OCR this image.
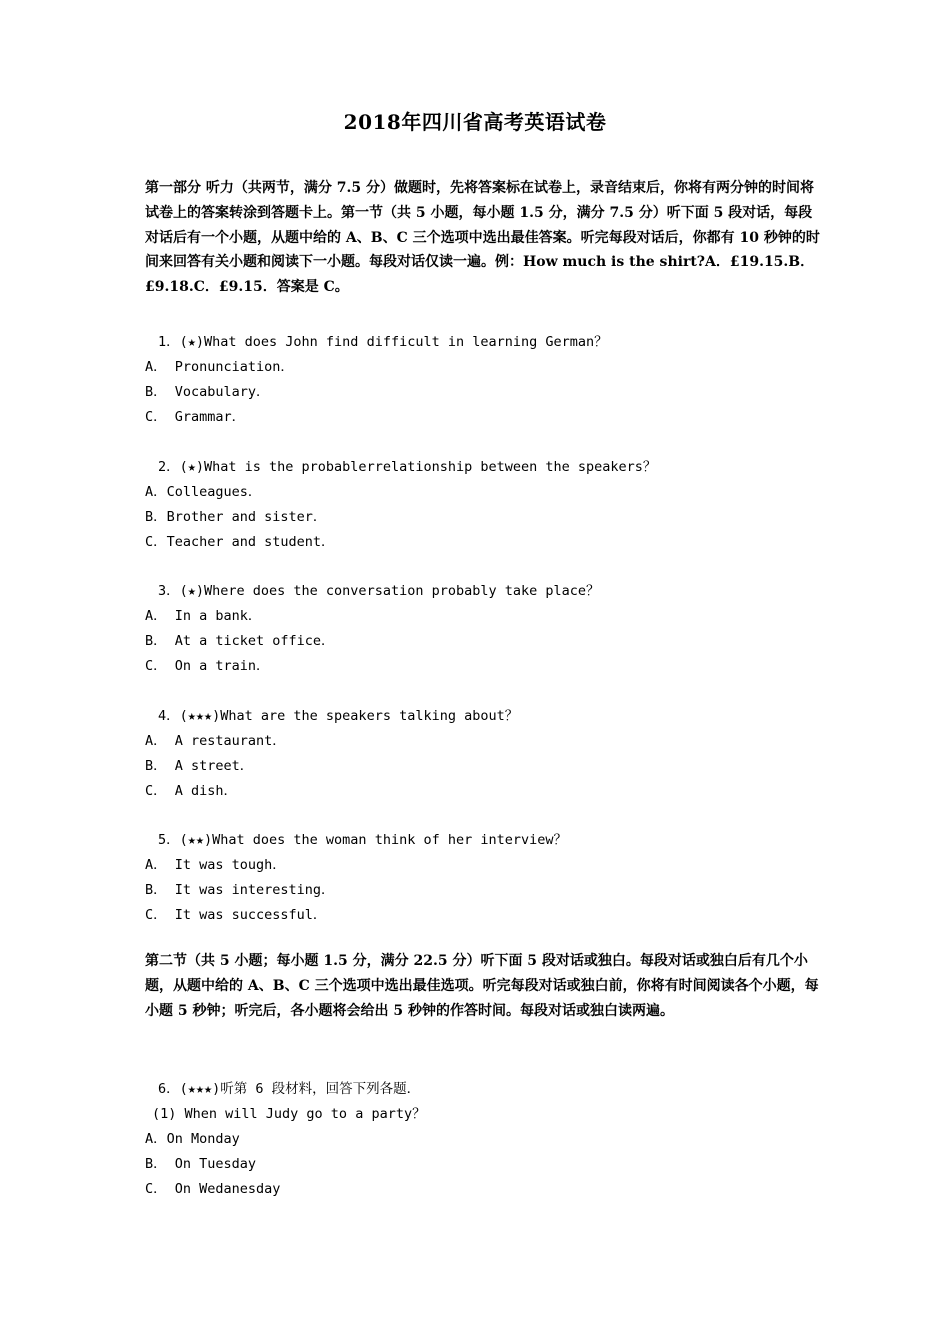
2018年四川省高考英语试卷
第一部分 听力（共两节，满分 7.5 分）做题时，先将答案标在试卷上，录音结束后，你将有两分钟的时间将试卷上的答案转涂到答题卡上。第一节（共 5 小题，每小题 1.5 分，满分 7.5 分）听下面 5 段对话，每段对话后有一个小题，从题中给的 A、B、C 三个选项中选出最佳答案。听完每段对话后，你都有 10 秒钟的时间来回答有关小题和阅读下一小题。每段对话仅读一遍。例：How much is the shirt?A．£19.15.B．£9.18.C．£9.15．答案是 C。
1．(★)What does John find difficult in learning German？
A． Pronunciation．
B． Vocabulary．
C． Grammar．
2．(★)What is the probablerrelationship between the speakers？
A．Colleagues．
B．Brother and sister．
C．Teacher and student．
3．(★)Where does the conversation probably take place？
A． In a bank．
B． At a ticket office．
C． On a train．
4．(★★★)What are the speakers talking about？
A． A restaurant．
B． A street．
C． A dish．
5．(★★)What does the woman think of her interview？
A． It was tough．
B． It was interesting．
C． It was successful．
第二节（共 5 小题；每小题 1.5 分，满分 22.5 分）听下面 5 段对话或独白。每段对话或独白后有几个小题，从题中给的 A、B、C 三个选项中选出最佳选项。听完每段对话或独白前，你将有时间阅读各个小题，每小题 5 秒钟；听完后，各小题将会给出 5 秒钟的作答时间。每段对话或独白读两遍。
6．(★★★)听第 6 段材料，回答下列各题．
(1) When will Judy go to a party？
A．On Monday
B． On Tuesday
C． On Wedanesday
